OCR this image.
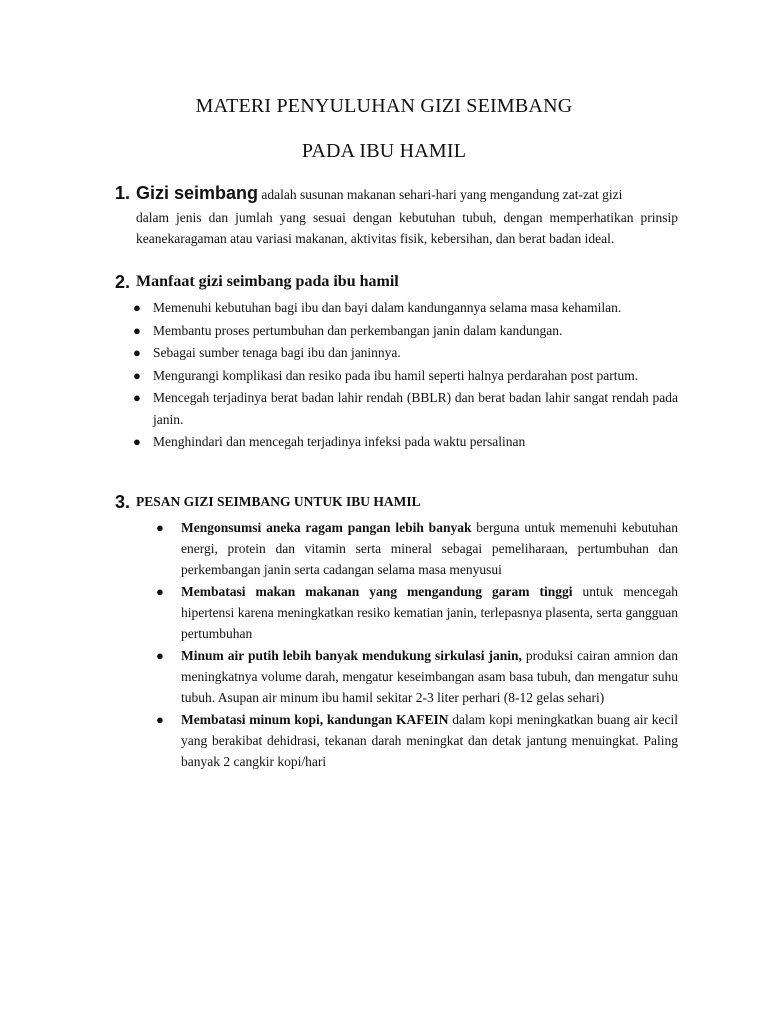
MATERI PENYULUHAN GIZI SEIMBANG
PADA IBU HAMIL
1. Gizi seimbang adalah susunan makanan sehari-hari yang mengandung zat-zat gizi
dalam jenis dan jumlah yang sesuai dengan kebutuhan tubuh, dengan memperhatikan prinsip keanekaragaman atau variasi makanan, aktivitas fisik, kebersihan, dan berat badan ideal.
2. Manfaat gizi seimbang pada ibu hamil
● Memenuhi kebutuhan bagi ibu dan bayi dalam kandungannya selama masa kehamilan.
● Membantu proses pertumbuhan dan perkembangan janin dalam kandungan.
● Sebagai sumber tenaga bagi ibu dan janinnya.
● Mengurangi komplikasi dan resiko pada ibu hamil seperti halnya perdarahan post partum.
● Mencegah terjadinya berat badan lahir rendah (BBLR) dan berat badan lahir sangat rendah pada janin.
● Menghindari dan mencegah terjadinya infeksi pada waktu persalinan
3. PESAN GIZI SEIMBANG UNTUK IBU HAMIL
● Mengonsumsi aneka ragam pangan lebih banyak berguna untuk memenuhi kebutuhan energi, protein dan vitamin serta mineral sebagai pemeliharaan, pertumbuhan dan perkembangan janin serta cadangan selama masa menyusui
● Membatasi makan makanan yang mengandung garam tinggi untuk mencegah hipertensi karena meningkatkan resiko kematian janin, terlepasnya plasenta, serta gangguan pertumbuhan
● Minum air putih lebih banyak mendukung sirkulasi janin, produksi cairan amnion dan meningkatnya volume darah, mengatur keseimbangan asam basa tubuh, dan mengatur suhu tubuh. Asupan air minum ibu hamil sekitar 2-3 liter perhari (8-12 gelas sehari)
● Membatasi minum kopi, kandungan KAFEIN dalam kopi meningkatkan buang air kecil yang berakibat dehidrasi, tekanan darah meningkat dan detak jantung menuingkat. Paling banyak 2 cangkir kopi/hari
